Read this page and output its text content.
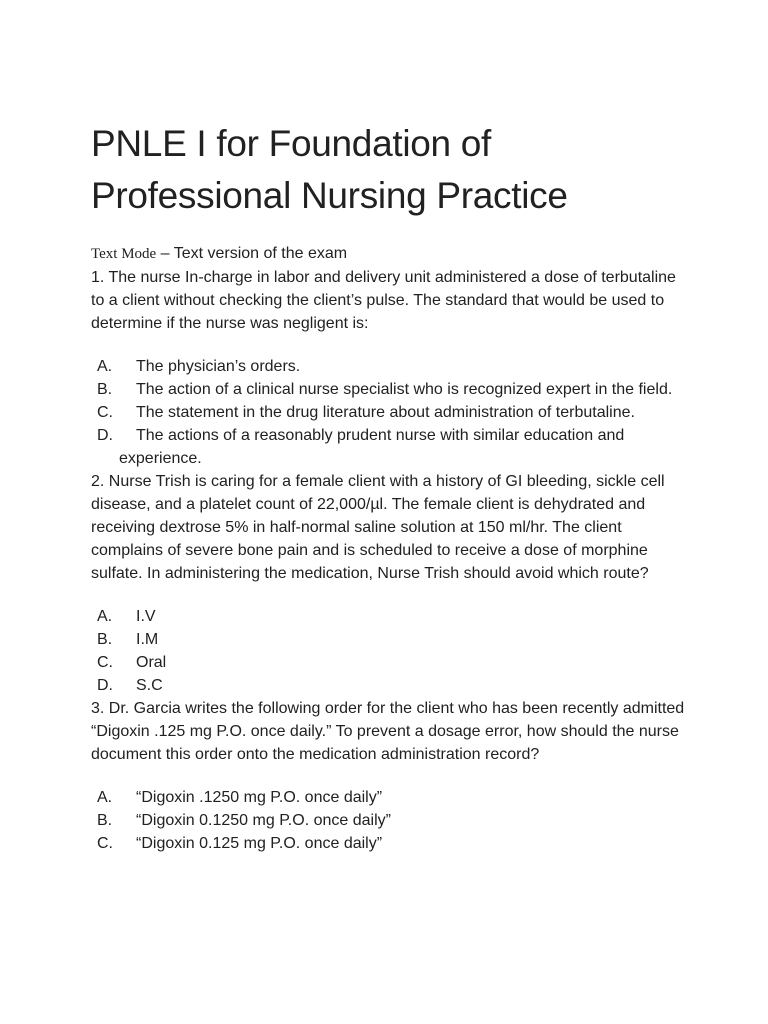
PNLE I for Foundation of
Professional Nursing Practice
Text Mode – Text version of the exam

1. The nurse In-charge in labor and delivery unit administered a dose of terbutaline to a client without checking the client’s pulse. The standard that would be used to determine if the nurse was negligent is:

A. The physician’s orders.
B.	The action of a clinical nurse specialist who is recognized expert in the field.
C. The statement in the drug literature about administration of terbutaline.
D.	The actions of a reasonably prudent nurse with similar education and experience.

2. Nurse Trish is caring for a female client with a history of GI bleeding, sickle cell disease, and a platelet count of 22,000/µl. The female client is dehydrated and receiving dextrose 5% in half-normal saline solution at 150 ml/hr. The client complains of severe bone pain and is scheduled to receive a dose of morphine sulfate. In administering the medication, Nurse Trish should avoid which route?

A. I.V
B. I.M
C. Oral
D. S.C

3. Dr. Garcia writes the following order for the client who has been recently admitted “Digoxin .125 mg P.O. once daily.” To prevent a dosage error, how should the nurse document this order onto the medication administration record?

A. “Digoxin .1250 mg P.O. once daily”
B. “Digoxin 0.1250 mg P.O. once daily”
C. “Digoxin 0.125 mg P.O. once daily”
